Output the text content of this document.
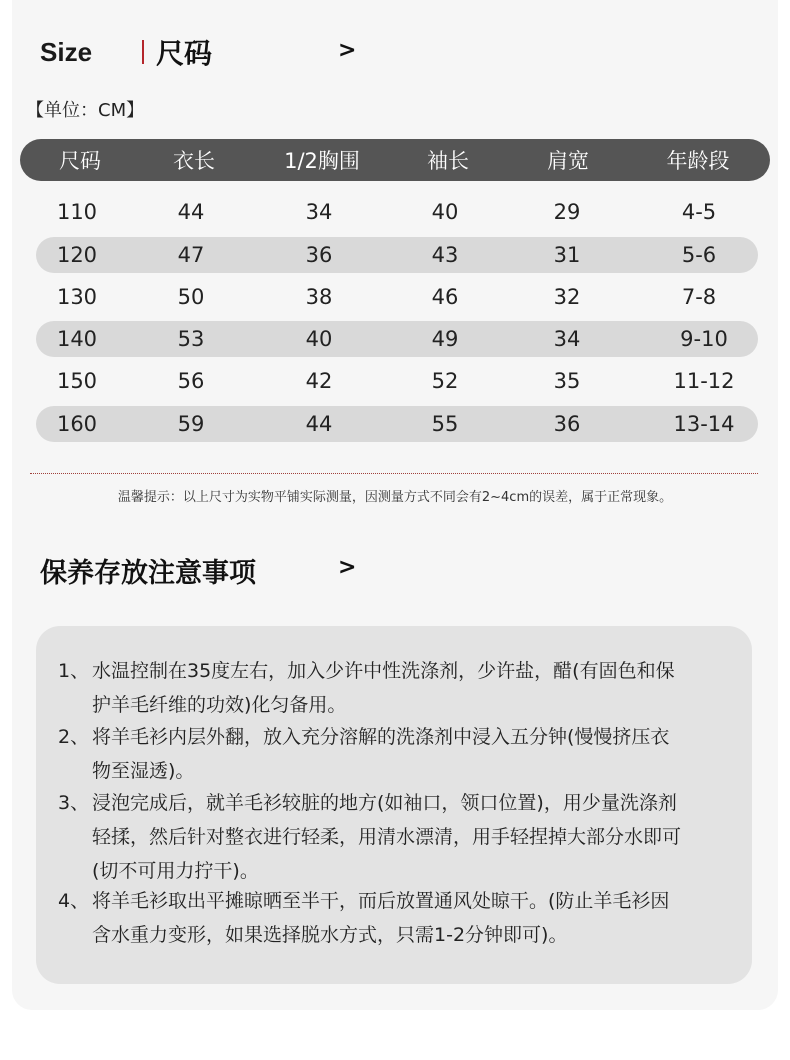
Size 尺码	>
【单位：CM】
尺码	衣长	1/2胸围	袖长	肩宽	年龄段
110	44	34	40	29	4-5
120	47	36	43	31	5-6
130	50	38	46	32	7-8
140	53	40	49	34	9-10
150	56	42	52	35	11-12
160	59	44	55	36	13-14
温馨提示：以上尺寸为实物平铺实际测量，因测量方式不同会有2~4cm的误差，属于正常现象。
保养存放注意事项	>
1、 水温控制在35度左右，加入少许中性洗涤剂，少许盐，醋(有固色和保
护羊毛纤维的功效)化匀备用。
2、 将羊毛衫内层外翻，放入充分溶解的洗涤剂中浸入五分钟(慢慢挤压衣
物至湿透)。
3、 浸泡完成后，就羊毛衫较脏的地方(如袖口，领口位置)，用少量洗涤剂
轻揉，然后针对整衣进行轻柔，用清水漂清，用手轻捏掉大部分水即可
(切不可用力拧干)。
4、 将羊毛衫取出平摊晾晒至半干，而后放置通风处晾干。(防止羊毛衫因
含水重力变形，如果选择脱水方式，只需1-2分钟即可)。
